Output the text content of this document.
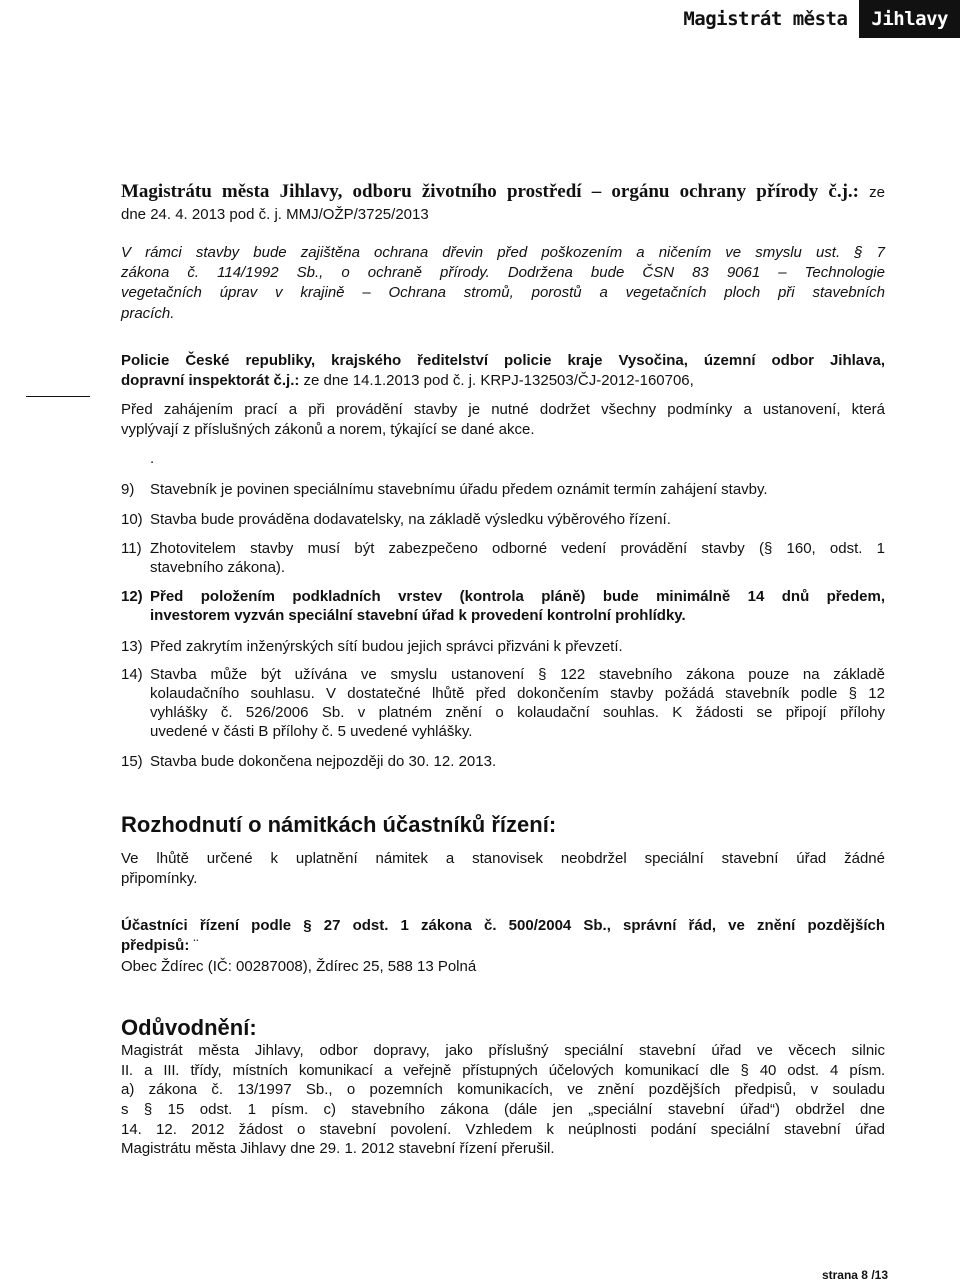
Magistrát města	Jihlavy
Magistrátu města Jihlavy, odboru životního prostředí – orgánu ochrany přírody č.j.: ze
dne 24. 4. 2013 pod č. j. MMJ/OŽP/3725/2013
V rámci stavby bude zajištěna ochrana dřevin před poškozením a ničením ve smyslu ust. § 7
zákona č. 114/1992 Sb., o ochraně přírody. Dodržena bude ČSN 83 9061 – Technologie
vegetačních úprav v krajině – Ochrana stromů, porostů a vegetačních ploch při stavebních
pracích.
Policie České republiky, krajského ředitelství policie kraje Vysočina, územní odbor Jihlava,
dopravní inspektorát č.j.: ze dne 14.1.2013 pod č. j. KRPJ-132503/ČJ-2012-160706,
Před zahájením prací a při provádění stavby je nutné dodržet všechny podmínky a ustanovení, která
vyplývají z příslušných zákonů a norem, týkající se dané akce.
.
9) Stavebník je povinen speciálnímu stavebnímu úřadu předem oznámit termín zahájení stavby.
10) Stavba bude prováděna dodavatelsky, na základě výsledku výběrového řízení.
11) Zhotovitelem stavby musí být zabezpečeno odborné vedení provádění stavby (§ 160, odst. 1
stavebního zákona).
12) Před položením podkladních vrstev (kontrola pláně) bude minimálně 14 dnů předem,
investorem vyzván speciální stavební úřad k provedení kontrolní prohlídky.
13) Před zakrytím inženýrských sítí budou jejich správci přizváni k převzetí.
14) Stavba může být užívána ve smyslu ustanovení § 122 stavebního zákona pouze na základě
kolaudačního souhlasu. V dostatečné lhůtě před dokončením stavby požádá stavebník podle § 12
vyhlášky č. 526/2006 Sb. v platném znění o kolaudační souhlas. K žádosti se připojí přílohy
uvedené v části B přílohy č. 5 uvedené vyhlášky.
15) Stavba bude dokončena nejpozději do 30. 12. 2013.
Rozhodnutí o námitkách účastníků řízení:
Ve lhůtě určené k uplatnění námitek a stanovisek neobdržel speciální stavební úřad žádné
připomínky.
Účastníci řízení podle § 27 odst. 1 zákona č. 500/2004 Sb., správní řád, ve znění pozdějších
předpisů: ¨
Obec Ždírec (IČ: 00287008), Ždírec 25, 588 13 Polná
Odůvodnění:
Magistrát města Jihlavy, odbor dopravy, jako příslušný speciální stavební úřad ve věcech silnic
II. a III. třídy, místních komunikací a veřejně přístupných účelových komunikací dle § 40 odst. 4 písm.
a) zákona č. 13/1997 Sb., o pozemních komunikacích, ve znění pozdějších předpisů, v souladu
s § 15 odst. 1 písm. c) stavebního zákona (dále jen „speciální stavební úřad“) obdržel dne
14. 12. 2012 žádost o stavební povolení. Vzhledem k neúplnosti podání speciální stavební úřad
Magistrátu města Jihlavy dne 29. 1. 2012 stavební řízení přerušil.
strana 8 /13
